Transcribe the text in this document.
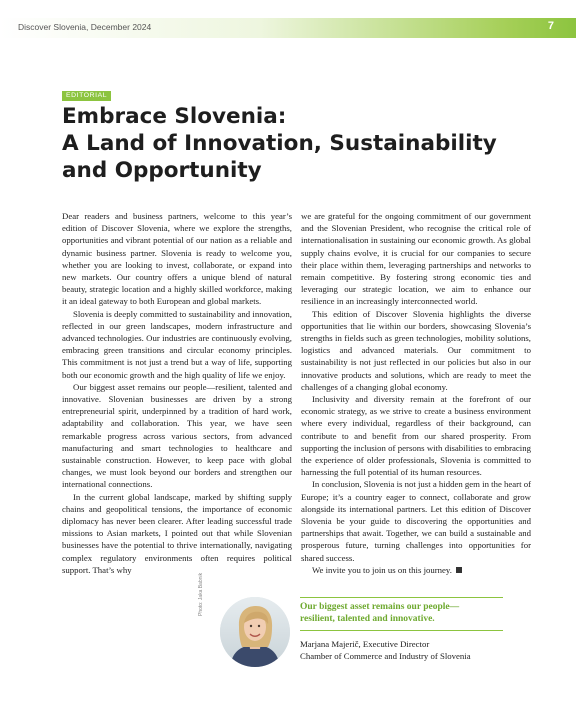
Discover Slovenia, December 2024	7
EDITORIAL
Embrace Slovenia:
A Land of Innovation, Sustainability
and Opportunity

Dear readers and business partners, welcome to this year’s edition of Discover Slovenia, where we explore the strengths, opportunities and vibrant potential of our nation as a reliable and dynamic business partner. Slovenia is ready to welcome you, whether you are looking to invest, collaborate, or expand into new markets. Our country offers a unique blend of natural beauty, strategic location and a highly skilled workforce, making it an ideal gateway to both European and global markets.

Slovenia is deeply committed to sustainability and innovation, reflected in our green landscapes, modern infrastructure and advanced technologies. Our industries are continuously evolving, embracing green transitions and circular economy principles. This commitment is not just a trend but a way of life, supporting both our economic growth and the high quality of life we enjoy.

Our biggest asset remains our people—resilient, talented and innovative. Slovenian businesses are driven by a strong entrepreneurial spirit, underpinned by a tradition of hard work, adaptability and collaboration. This year, we have seen remarkable progress across various sectors, from advanced manufacturing and smart technologies to healthcare and sustainable construction. However, to keep pace with global changes, we must look beyond our borders and strengthen our international connections.

In the current global landscape, marked by shifting supply chains and geopolitical tensions, the importance of economic diplomacy has never been clearer. After leading successful trade missions to Asian markets, I pointed out that while Slovenian businesses have the potential to thrive internationally, navigating complex regulatory environments often requires political support. That’s why

we are grateful for the ongoing commitment of our government and the Slovenian President, who recognise the critical role of internationalisation in sustaining our economic growth. As global supply chains evolve, it is crucial for our companies to secure their place within them, leveraging partnerships and networks to remain competitive. By fostering strong economic ties and leveraging our strategic location, we aim to enhance our resilience in an increasingly interconnected world.

This edition of Discover Slovenia highlights the diverse opportunities that lie within our borders, showcasing Slovenia’s strengths in fields such as green technologies, mobility solutions, logistics and advanced materials. Our commitment to sustainability is not just reflected in our policies but also in our innovative products and solutions, which are ready to meet the challenges of a changing global economy.

Inclusivity and diversity remain at the forefront of our economic strategy, as we strive to create a business environment where every individual, regardless of their background, can contribute to and benefit from our shared prosperity. From supporting the inclusion of persons with disabilities to embracing the experience of older professionals, Slovenia is committed to harnessing the full potential of its human resources.

In conclusion, Slovenia is not just a hidden gem in the heart of Europe; it’s a country eager to connect, collaborate and grow alongside its international partners. Let this edition of Discover Slovenia be your guide to discovering the opportunities and partnerships that await. Together, we can build a sustainable and prosperous future, turning challenges into opportunities for shared success.

We invite you to join us on this journey.

Photo: Jaka Babnik	Our biggest asset remains our people—
resilient, talented and innovative.

Marjana Majerič, Executive Director
Chamber of Commerce and Industry of Slovenia
